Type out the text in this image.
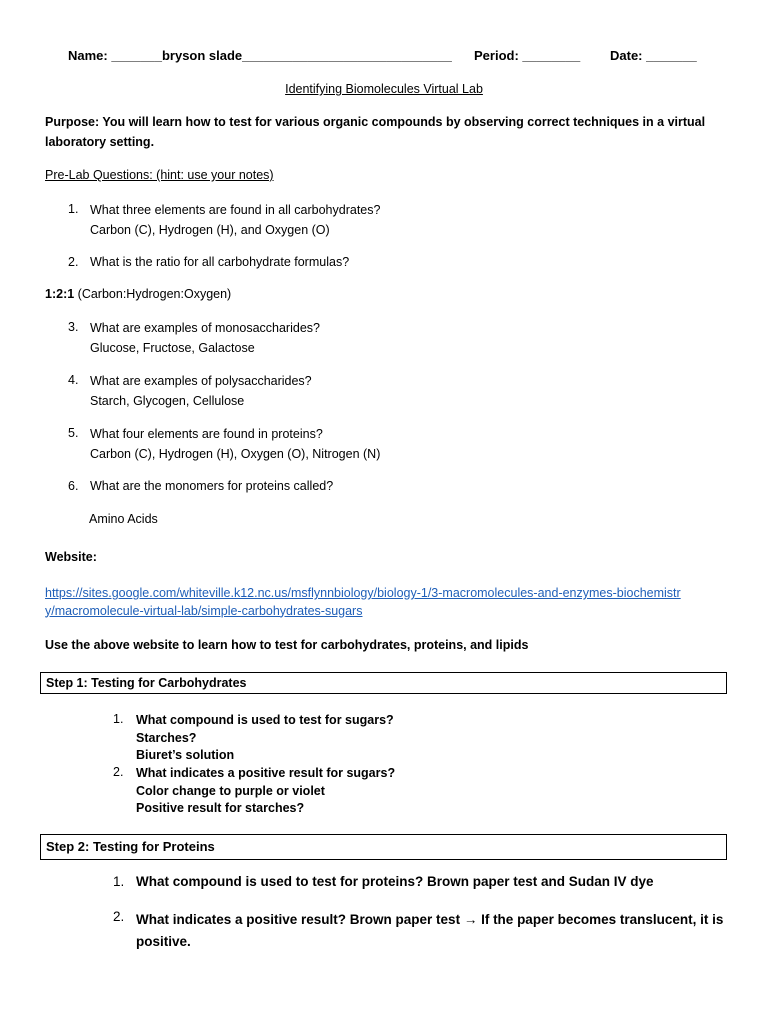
Name: _______bryson slade_____________________________ Period: ________ Date: _______
Identifying Biomolecules Virtual Lab
Purpose: You will learn how to test for various organic compounds by observing correct techniques in a virtual
laboratory setting.
Pre-Lab Questions: (hint: use your notes)
1. What three elements are found in all carbohydrates?
Carbon (C), Hydrogen (H), and Oxygen (O)
2. What is the ratio for all carbohydrate formulas?
1:2:1 (Carbon:Hydrogen:Oxygen)
3. What are examples of monosaccharides?
Glucose, Fructose, Galactose
4. What are examples of polysaccharides?
Starch, Glycogen, Cellulose
5. What four elements are found in proteins?
Carbon (C), Hydrogen (H), Oxygen (O), Nitrogen (N)
6. What are the monomers for proteins called?
Amino Acids
Website:
https://sites.google.com/whiteville.k12.nc.us/msflynnbiology/biology-1/3-macromolecules-and-enzymes-biochemistr
y/macromolecule-virtual-lab/simple-carbohydrates-sugars
Use the above website to learn how to test for carbohydrates, proteins, and lipids
Step 1: Testing for Carbohydrates
1. What compound is used to test for sugars?
Starches?
Biuret’s solution
2. What indicates a positive result for sugars?
Color change to purple or violet
Positive result for starches?
Step 2: Testing for Proteins
1. What compound is used to test for proteins? Brown paper test and Sudan IV dye
2. What indicates a positive result? Brown paper test → If the paper becomes translucent, it is
positive.
